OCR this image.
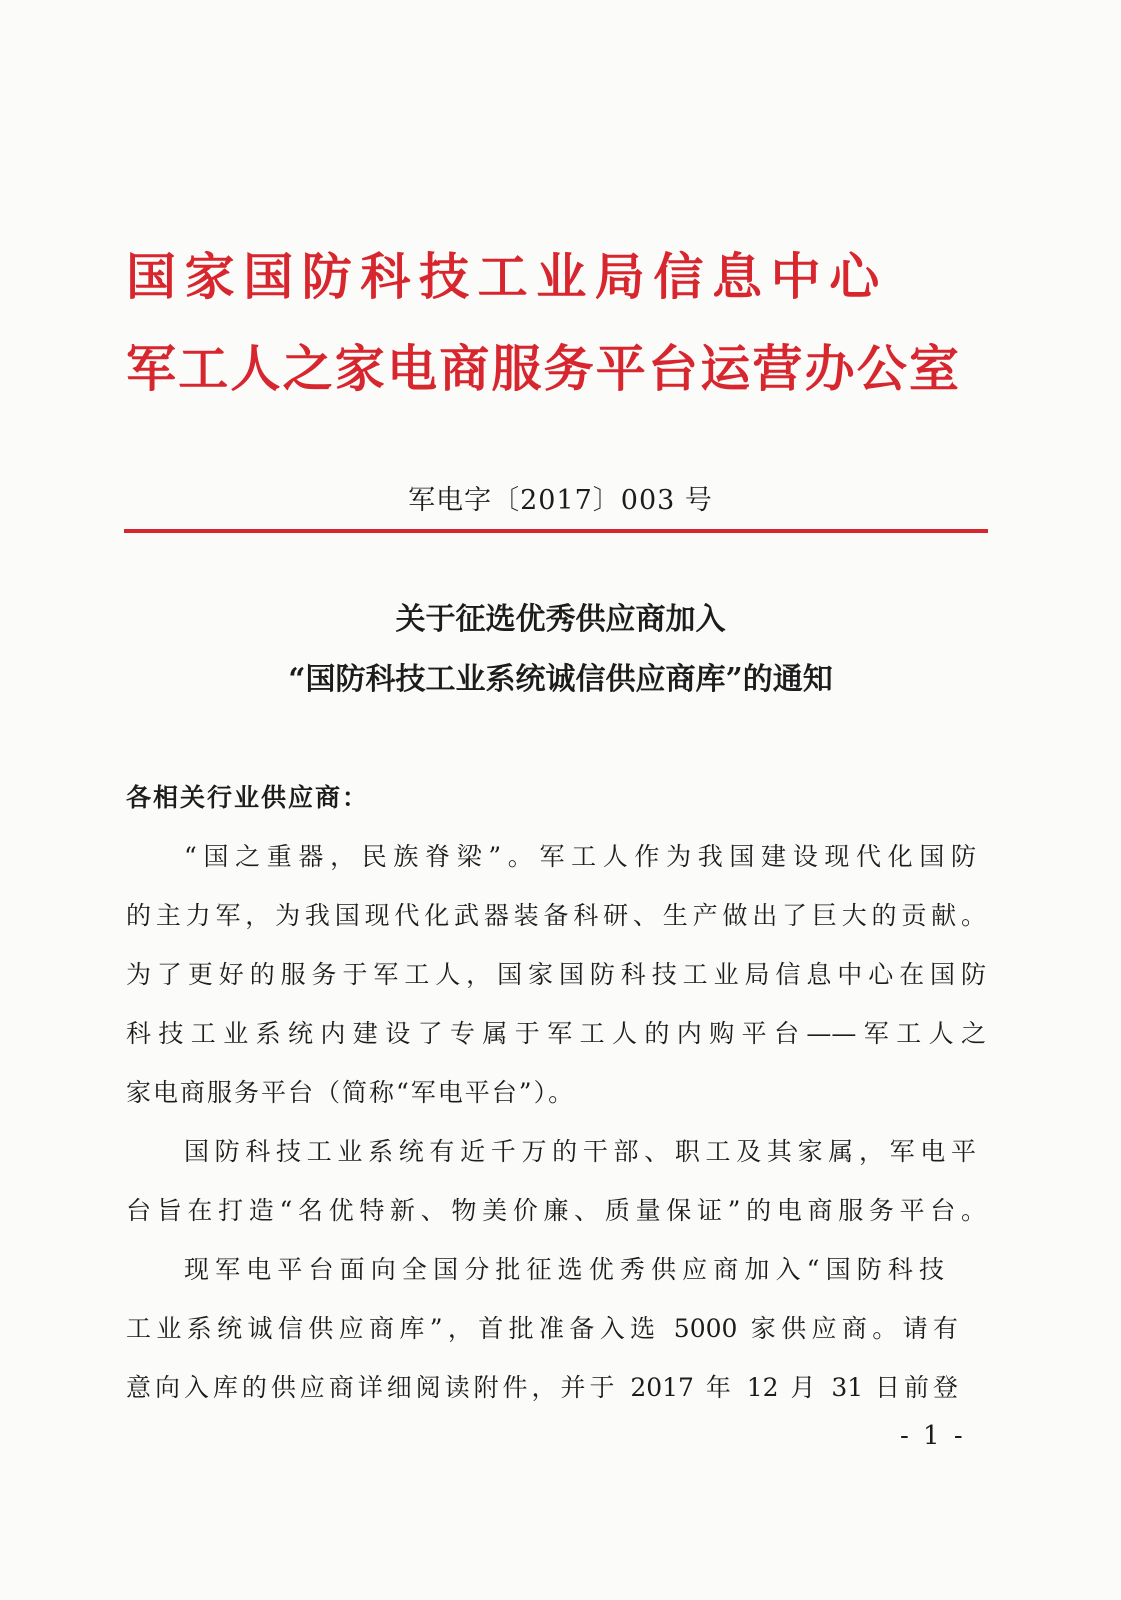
国家国防科技工业局信息中心
军工人之家电商服务平台运营办公室
军电字〔2017〕003 号
关于征选优秀供应商加入
“国防科技工业系统诚信供应商库”的通知
各相关行业供应商：
“国之重器，民族脊梁”。军工人作为我国建设现代化国防
的主力军，为我国现代化武器装备科研、生产做出了巨大的贡献。
为了更好的服务于军工人，国家国防科技工业局信息中心在国防
科技工业系统内建设了专属于军工人的内购平台——军工人之
家电商服务平台（简称“军电平台”）。
国防科技工业系统有近千万的干部、职工及其家属，军电平
台旨在打造“名优特新、物美价廉、质量保证”的电商服务平台。
现军电平台面向全国分批征选优秀供应商加入“国防科技
工业系统诚信供应商库”，首批准备入选 5000 家供应商。请有
意向入库的供应商详细阅读附件，并于 2017 年 12 月 31 日前登
- 1 -
